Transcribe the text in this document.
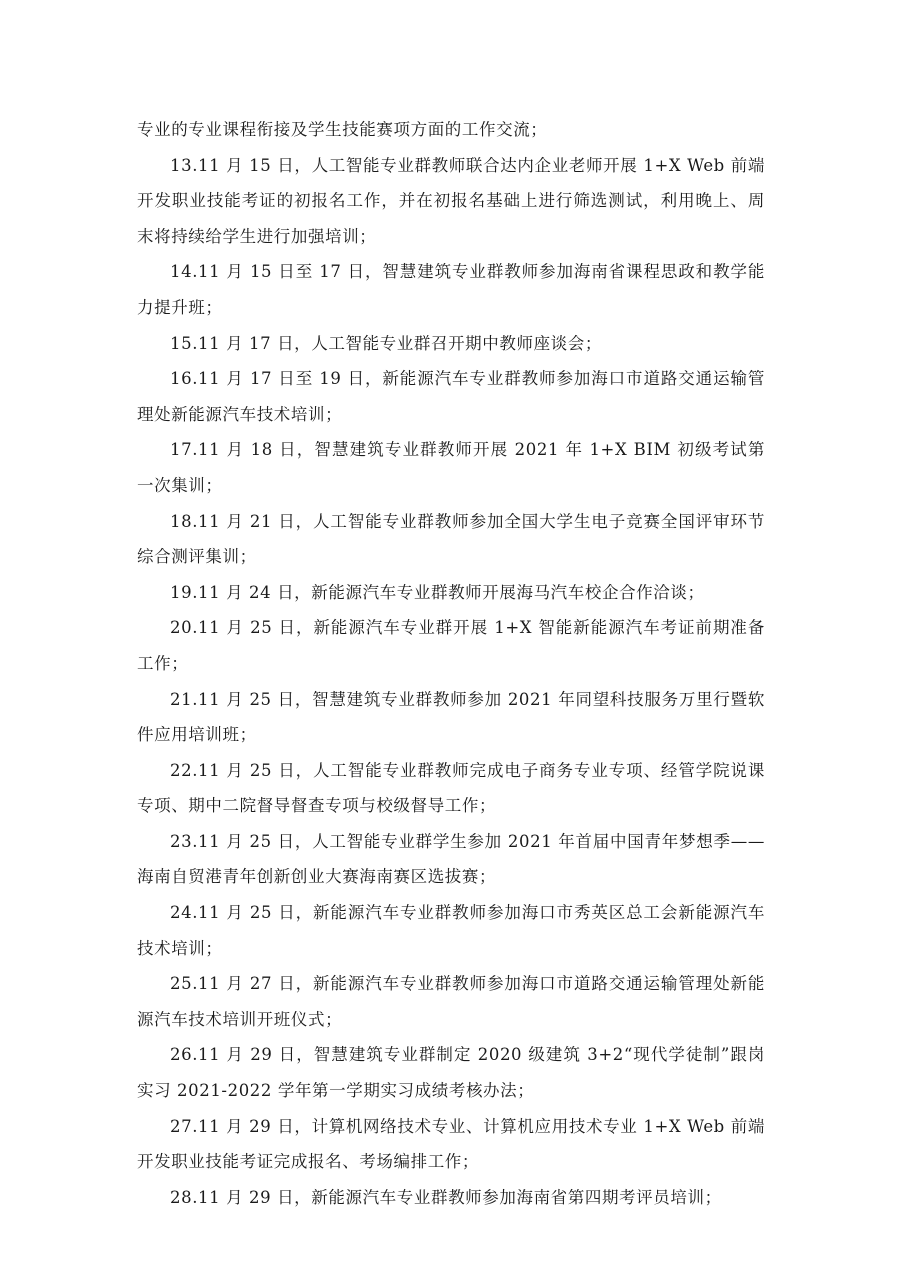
专业的专业课程衔接及学生技能赛项方面的工作交流；

13.11 月 15 日，人工智能专业群教师联合达内企业老师开展 1+X Web 前端开发职业技能考证的初报名工作，并在初报名基础上进行筛选测试，利用晚上、周末将持续给学生进行加强培训；

14.11 月 15 日至 17 日，智慧建筑专业群教师参加海南省课程思政和教学能力提升班；

15.11 月 17 日，人工智能专业群召开期中教师座谈会；

16.11 月 17 日至 19 日，新能源汽车专业群教师参加海口市道路交通运输管理处新能源汽车技术培训；

17.11 月 18 日，智慧建筑专业群教师开展 2021 年 1+X BIM 初级考试第一次集训；

18.11 月 21 日，人工智能专业群教师参加全国大学生电子竞赛全国评审环节综合测评集训；

19.11 月 24 日，新能源汽车专业群教师开展海马汽车校企合作洽谈；

20.11 月 25 日，新能源汽车专业群开展 1+X 智能新能源汽车考证前期准备工作；

21.11 月 25 日，智慧建筑专业群教师参加 2021 年同望科技服务万里行暨软件应用培训班；

22.11 月 25 日，人工智能专业群教师完成电子商务专业专项、经管学院说课专项、期中二院督导督查专项与校级督导工作；

23.11 月 25 日，人工智能专业群学生参加 2021 年首届中国青年梦想季——海南自贸港青年创新创业大赛海南赛区选拔赛；

24.11 月 25 日，新能源汽车专业群教师参加海口市秀英区总工会新能源汽车技术培训；

25.11 月 27 日，新能源汽车专业群教师参加海口市道路交通运输管理处新能源汽车技术培训开班仪式；

26.11 月 29 日，智慧建筑专业群制定 2020 级建筑 3+2“现代学徒制”跟岗实习 2021-2022 学年第一学期实习成绩考核办法；

27.11 月 29 日，计算机网络技术专业、计算机应用技术专业 1+X Web 前端开发职业技能考证完成报名、考场编排工作；

28.11 月 29 日，新能源汽车专业群教师参加海南省第四期考评员培训；
